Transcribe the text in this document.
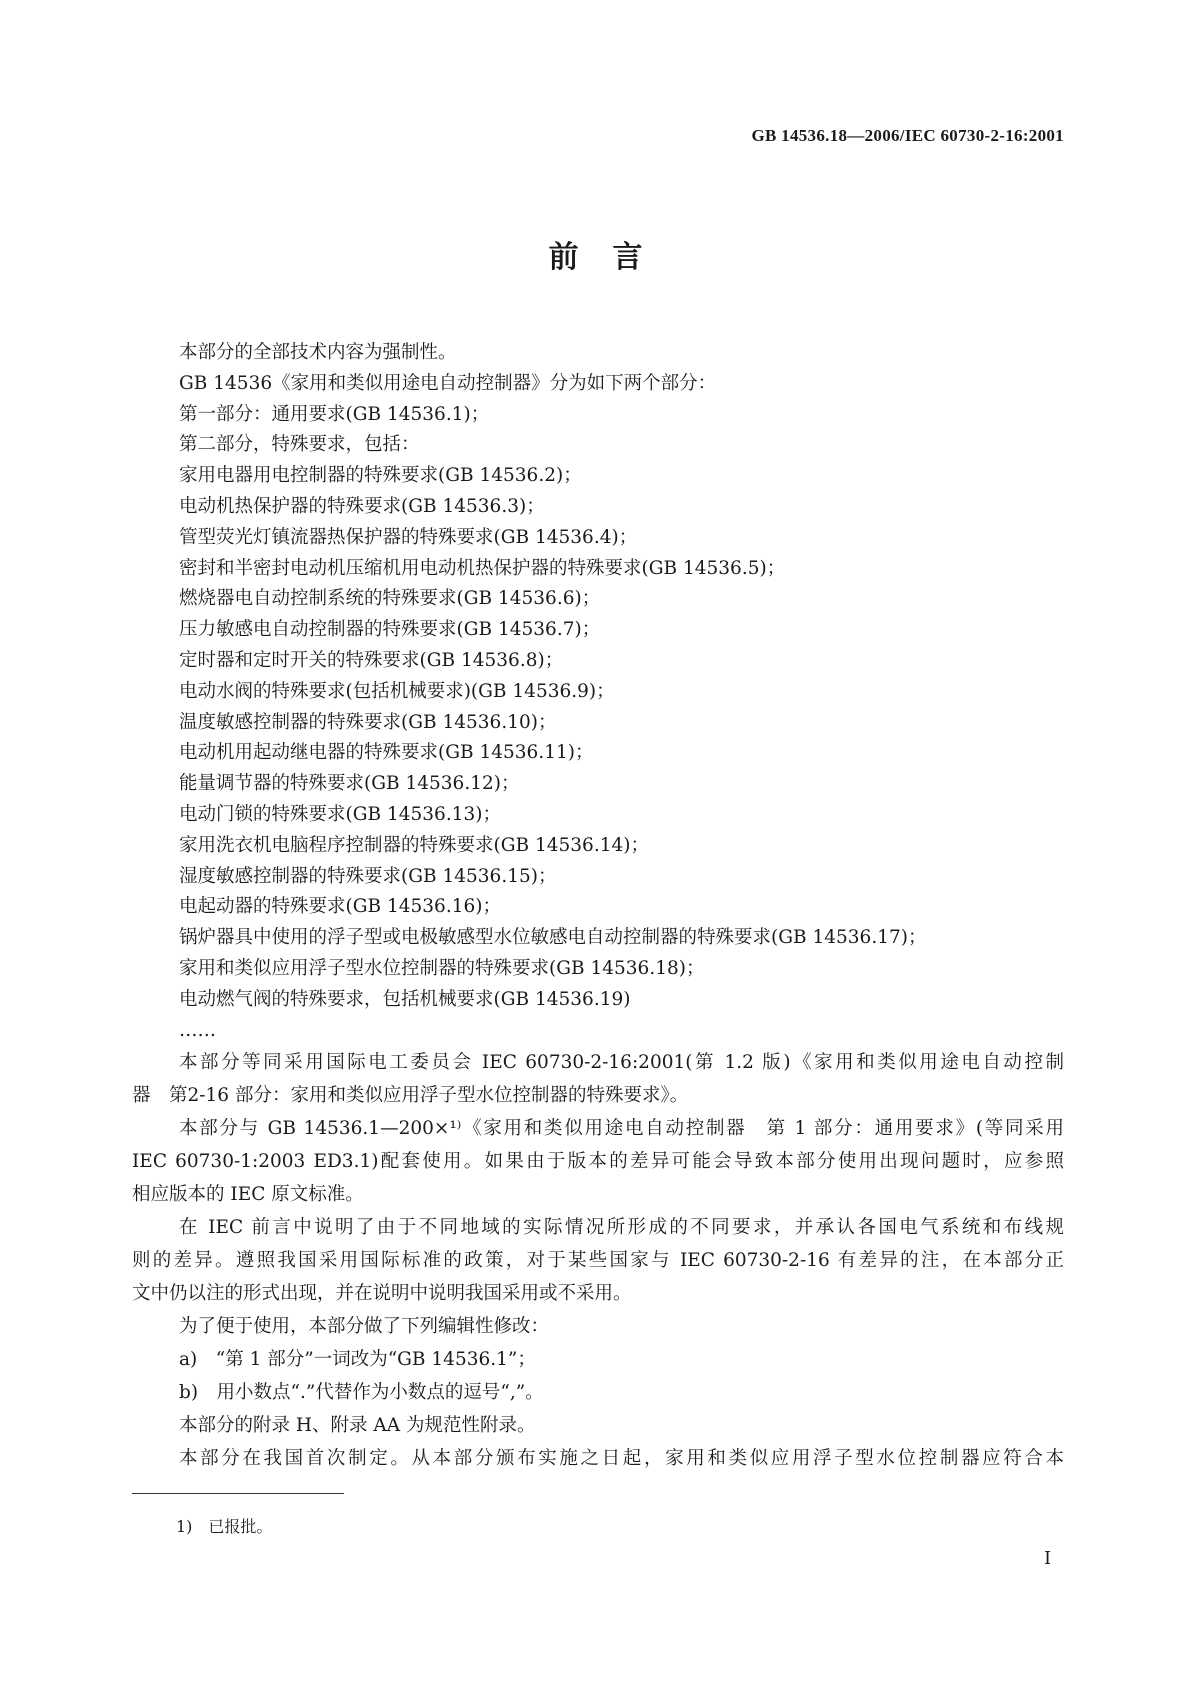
GB 14536.18—2006/IEC 60730-2-16:2001
前言
本部分的全部技术内容为强制性。
GB 14536《家用和类似用途电自动控制器》分为如下两个部分：
第一部分：通用要求(GB 14536.1)；
第二部分，特殊要求，包括：
家用电器用电控制器的特殊要求(GB 14536.2)；
电动机热保护器的特殊要求(GB 14536.3)；
管型荧光灯镇流器热保护器的特殊要求(GB 14536.4)；
密封和半密封电动机压缩机用电动机热保护器的特殊要求(GB 14536.5)；
燃烧器电自动控制系统的特殊要求(GB 14536.6)；
压力敏感电自动控制器的特殊要求(GB 14536.7)；
定时器和定时开关的特殊要求(GB 14536.8)；
电动水阀的特殊要求(包括机械要求)(GB 14536.9)；
温度敏感控制器的特殊要求(GB 14536.10)；
电动机用起动继电器的特殊要求(GB 14536.11)；
能量调节器的特殊要求(GB 14536.12)；
电动门锁的特殊要求(GB 14536.13)；
家用洗衣机电脑程序控制器的特殊要求(GB 14536.14)；
湿度敏感控制器的特殊要求(GB 14536.15)；
电起动器的特殊要求(GB 14536.16)；
锅炉器具中使用的浮子型或电极敏感型水位敏感电自动控制器的特殊要求(GB 14536.17)；
家用和类似应用浮子型水位控制器的特殊要求(GB 14536.18)；
电动燃气阀的特殊要求，包括机械要求(GB 14536.19)
……
本部分等同采用国际电工委员会 IEC 60730-2-16:2001(第 1.2 版)《家用和类似用途电自动控制
器　第2-16 部分：家用和类似应用浮子型水位控制器的特殊要求》。
本部分与 GB 14536.1—200×¹⁾《家用和类似用途电自动控制器　第 1 部分：通用要求》(等同采用
IEC 60730-1:2003 ED3.1)配套使用。如果由于版本的差异可能会导致本部分使用出现问题时，应参照
相应版本的 IEC 原文标准。
在 IEC 前言中说明了由于不同地域的实际情况所形成的不同要求，并承认各国电气系统和布线规
则的差异。遵照我国采用国际标准的政策，对于某些国家与 IEC 60730-2-16 有差异的注，在本部分正
文中仍以注的形式出现，并在说明中说明我国采用或不采用。
为了便于使用，本部分做了下列编辑性修改：
a)　“第 1 部分”一词改为“GB 14536.1”；
b)　用小数点“.”代替作为小数点的逗号“,”。
本部分的附录 H、附录 AA 为规范性附录。
本部分在我国首次制定。从本部分颁布实施之日起，家用和类似应用浮子型水位控制器应符合本
1)　已报批。
I
